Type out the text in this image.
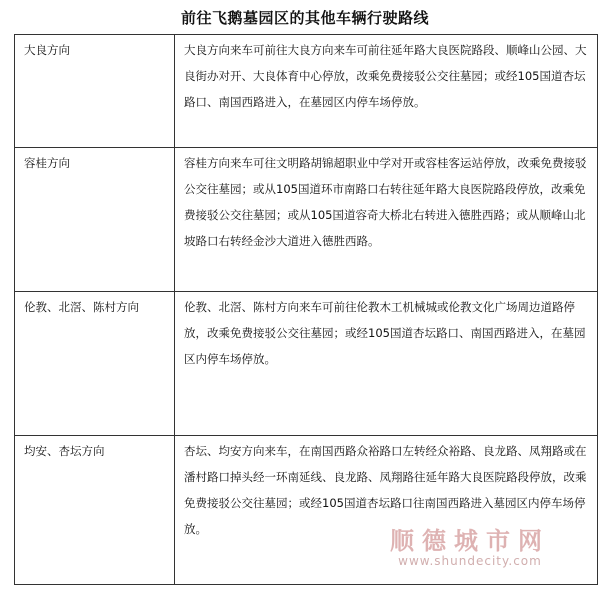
前往飞鹅墓园区的其他车辆行驶路线
大良方向	大良方向来车可前往大良方向来车可前往延年路大良医院路段、顺峰山公园、大良街办对开、大良体育中心停放，改乘免费接驳公交往墓园；或经105国道杏坛路口、南国西路进入，在墓园区内停车场停放。
容桂方向	容桂方向来车可往文明路胡锦超职业中学对开或容桂客运站停放，改乘免费接驳公交往墓园；或从105国道环市南路口右转往延年路大良医院路段停放，改乘免费接驳公交往墓园；或从105国道容奇大桥北右转进入德胜西路；或从顺峰山北坡路口右转经金沙大道进入德胜西路。
伦教、北滘、陈村方向	伦教、北滘、陈村方向来车可前往伦教木工机械城或伦教文化广场周边道路停放，改乘免费接驳公交往墓园；或经105国道杏坛路口、南国西路进入，在墓园区内停车场停放。
均安、杏坛方向	杏坛、均安方向来车，在南国西路众裕路口左转经众裕路、良龙路、凤翔路或在潘村路口掉头经一环南延线、良龙路、凤翔路往延年路大良医院路段停放，改乘免费接驳公交往墓园；或经105国道杏坛路口往南国西路进入墓园区内停车场停放。	顺德城市网
www.shundecity.com
